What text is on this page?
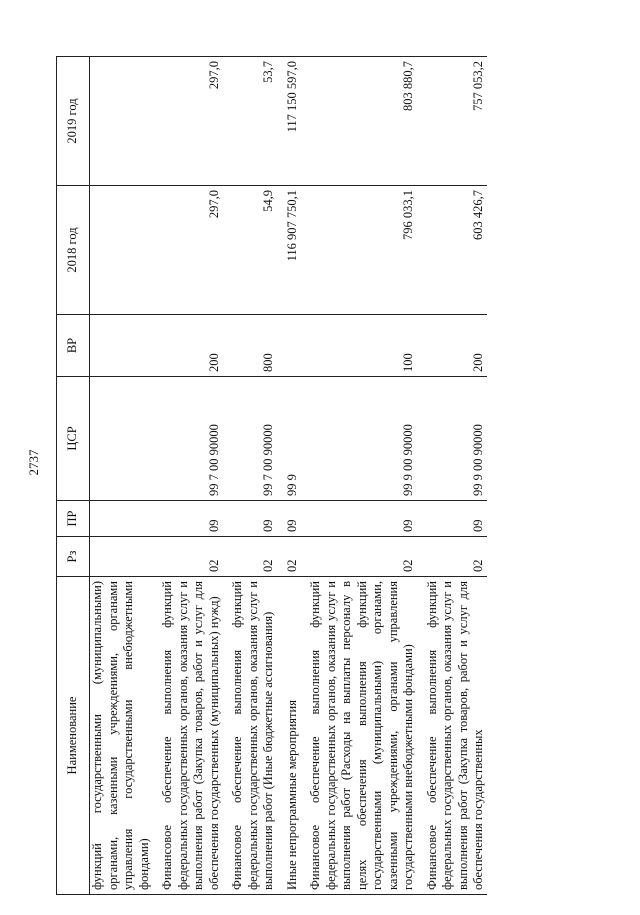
2737
Наименование	Рз	ПР	ЦСР	ВР	2018 год	2019 год
функций государственными (муниципальными) органами, казенными учреждениями, органами управления государственными внебюджетными фондами)						
Финансовое обеспечение выполнения функций федеральных государственных органов, оказания услуг и выполнения работ (Закупка товаров, работ и услуг для обеспечения государственных (муниципальных) нужд)	02	09	99 7 00 90000	200	297,0	297,0
Финансовое обеспечение выполнения функций федеральных государственных органов, оказания услуг и выполнения работ (Иные бюджетные ассигнования)	02	09	99 7 00 90000	800	54,9	53,7
Иные непрограммные мероприятия	02	09	99 9		116 907 750,1	117 150 597,0
Финансовое обеспечение выполнения функций федеральных государственных органов, оказания услуг и выполнения работ (Расходы на выплаты персоналу в целях обеспечения выполнения функций государственными (муниципальными) органами, казенными учреждениями, органами управления государственными внебюджетными фондами)	02	09	99 9 00 90000	100	796 033,1	803 880,7
Финансовое обеспечение выполнения функций федеральных государственных органов, оказания услуг и выполнения работ (Закупка товаров, работ и услуг для обеспечения государственных	02	09	99 9 00 90000	200	603 426,7	757 053,2
